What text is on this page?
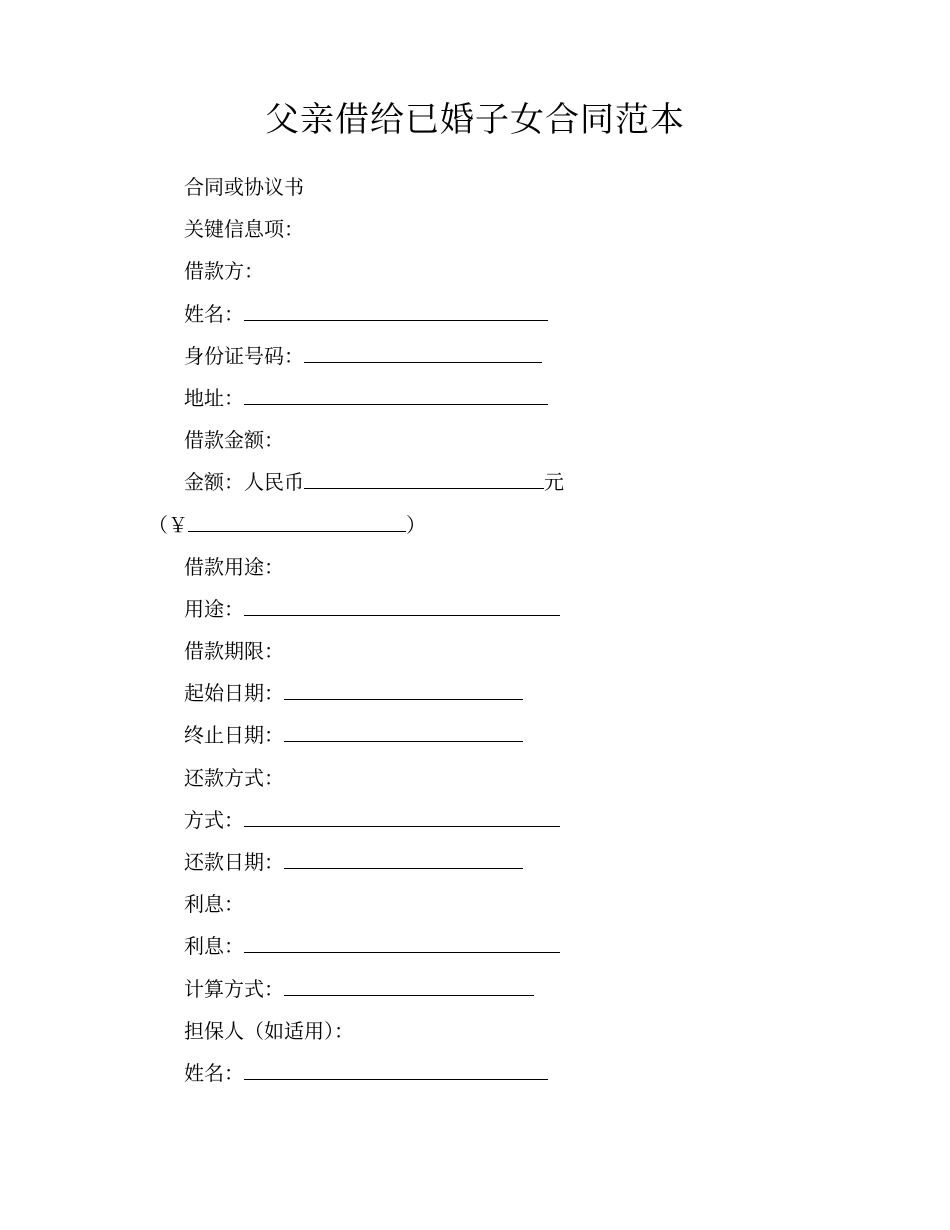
父亲借给已婚子女合同范本
合同或协议书
关键信息项：
借款方：
姓名：
身份证号码：
地址：
借款金额：
金额：人民币	元
（￥	）
借款用途：
用途：
借款期限：
起始日期：
终止日期：
还款方式：
方式：
还款日期：
利息：
利息：
计算方式：
担保人（如适用）：
姓名：
